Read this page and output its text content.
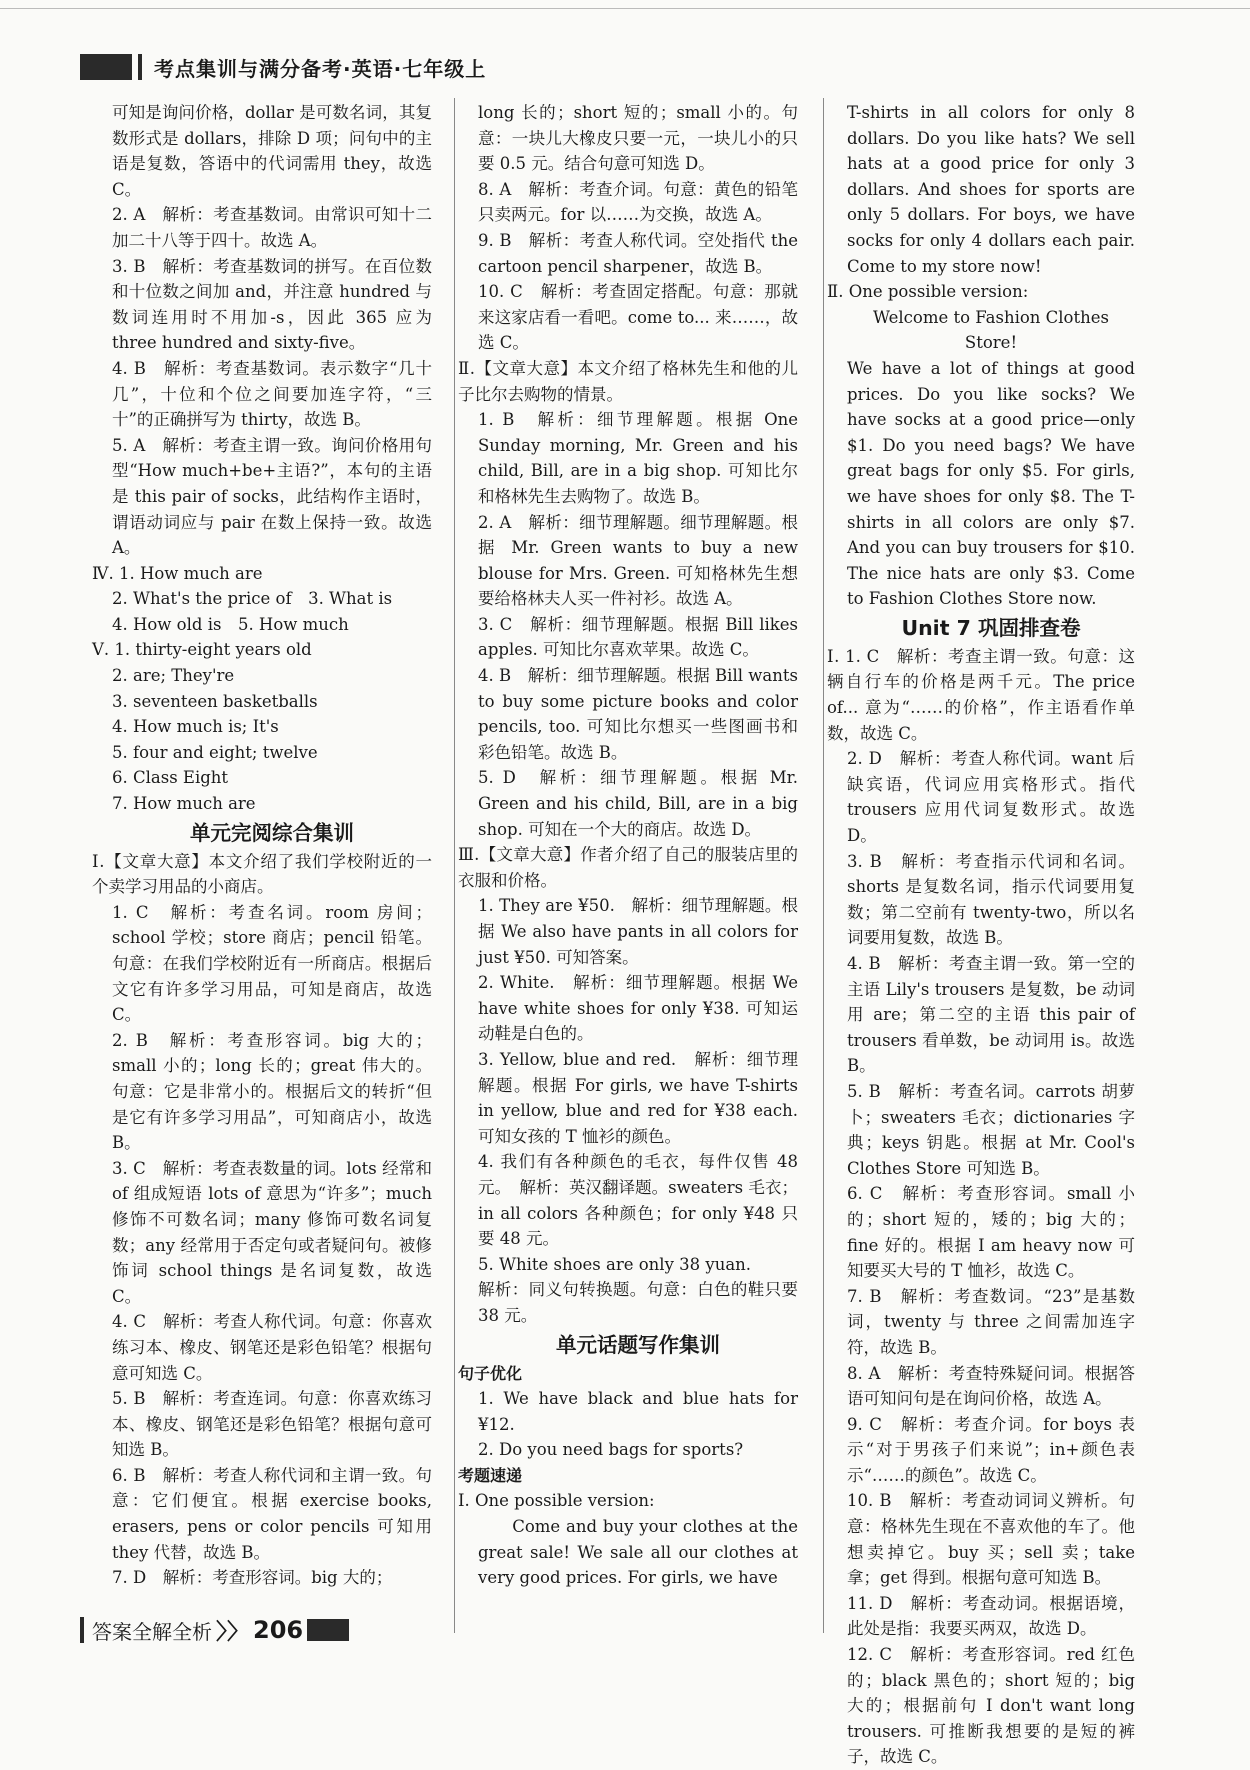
考点集训与满分备考·英语·七年级上

可知是询问价格，dollar 是可数名词，其复数形式是 dollars，排除 D 项；问句中的主语是复数，答语中的代词需用 they，故选 C。

2. A　解析：考查基数词。由常识可知十二加二十八等于四十。故选 A。

3. B　解析：考查基数词的拼写。在百位数和十位数之间加 and，并注意 hundred 与数词连用时不用加-s，因此 365 应为 three hundred and sixty-five。

4. B　解析：考查基数词。表示数字“几十几”，十位和个位之间要加连字符，“三十”的正确拼写为 thirty，故选 B。

5. A　解析：考查主谓一致。询问价格用句型“How much+be+主语?”，本句的主语是 this pair of socks，此结构作主语时，谓语动词应与 pair 在数上保持一致。故选 A。

Ⅳ. 1. How much are

2. What's the price of　3. What is

4. How old is　5. How much

Ⅴ. 1. thirty-eight years old

2. are; They're

3. seventeen basketballs

4. How much is; It's

5. four and eight; twelve

6. Class Eight

7. How much are

单元完阅综合集训

Ⅰ.【文章大意】本文介绍了我们学校附近的一个卖学习用品的小商店。

1. C　解析：考查名词。room 房间；school 学校；store 商店；pencil 铅笔。句意：在我们学校附近有一所商店。根据后文它有许多学习用品，可知是商店，故选 C。

2. B　解析：考查形容词。big 大的；small 小的；long 长的；great 伟大的。句意：它是非常小的。根据后文的转折“但是它有许多学习用品”，可知商店小，故选 B。

3. C　解析：考查表数量的词。lots 经常和 of 组成短语 lots of 意思为“许多”；much 修饰不可数名词；many 修饰可数名词复数；any 经常用于否定句或者疑问句。被修饰词 school things 是名词复数，故选 C。

4. C　解析：考查人称代词。句意：你喜欢练习本、橡皮、钢笔还是彩色铅笔？根据句意可知选 C。

5. B　解析：考查连词。句意：你喜欢练习本、橡皮、钢笔还是彩色铅笔？根据句意可知选 B。

6. B　解析：考查人称代词和主谓一致。句意：它们便宜。根据 exercise books, erasers, pens or color pencils 可知用 they 代替，故选 B。

7. D　解析：考查形容词。big 大的；

long 长的；short 短的；small 小的。句意：一块儿大橡皮只要一元，一块儿小的只要 0.5 元。结合句意可知选 D。

8. A　解析：考查介词。句意：黄色的铅笔只卖两元。for 以……为交换，故选 A。

9. B　解析：考查人称代词。空处指代 the cartoon pencil sharpener，故选 B。

10. C　解析：考查固定搭配。句意：那就来这家店看一看吧。come to... 来……，故选 C。

Ⅱ.【文章大意】本文介绍了格林先生和他的儿子比尔去购物的情景。

1. B　解析：细节理解题。根据 One Sunday morning, Mr. Green and his child, Bill, are in a big shop. 可知比尔和格林先生去购物了。故选 B。

2. A　解析：细节理解题。细节理解题。根据 Mr. Green wants to buy a new blouse for Mrs. Green. 可知格林先生想要给格林夫人买一件衬衫。故选 A。

3. C　解析：细节理解题。根据 Bill likes apples. 可知比尔喜欢苹果。故选 C。

4. B　解析：细节理解题。根据 Bill wants to buy some picture books and color pencils, too. 可知比尔想买一些图画书和彩色铅笔。故选 B。

5. D　解析：细节理解题。根据 Mr. Green and his child, Bill, are in a big shop. 可知在一个大的商店。故选 D。

Ⅲ.【文章大意】作者介绍了自己的服装店里的衣服和价格。

1. They are ¥50.　解析：细节理解题。根据 We also have pants in all colors for just ¥50. 可知答案。

2. White.　解析：细节理解题。根据 We have white shoes for only ¥38. 可知运动鞋是白色的。

3. Yellow, blue and red.　解析：细节理解题。根据 For girls, we have T-shirts in yellow, blue and red for ¥38 each. 可知女孩的 T 恤衫的颜色。

4. 我们有各种颜色的毛衣，每件仅售 48 元。　解析：英汉翻译题。sweaters 毛衣；in all colors 各种颜色；for only ¥48 只要 48 元。

5. White shoes are only 38 yuan.

解析：同义句转换题。句意：白色的鞋只要 38 元。

单元话题写作集训

句子优化

1. We have black and blue hats for ¥12.

2. Do you need bags for sports?

考题速递

Ⅰ. One possible version:

　　Come and buy your clothes at the great sale! We sale all our clothes at very good prices. For girls, we have

T-shirts in all colors for only 8 dollars. Do you like hats? We sell hats at a good price for only 3 dollars. And shoes for sports are only 5 dollars. For boys, we have socks for only 4 dollars each pair. Come to my store now!

Ⅱ. One possible version:

Welcome to Fashion Clothes Store!

We have a lot of things at good prices. Do you like socks? We have socks at a good price—only $1. Do you need bags? We have great bags for only $5. For girls, we have shoes for only $8. The T-shirts in all colors are only $7. And you can buy trousers for $10. The nice hats are only $3. Come to Fashion Clothes Store now.

Unit 7 巩固排查卷

Ⅰ. 1. C　解析：考查主谓一致。句意：这辆自行车的价格是两千元。The price of... 意为“……的价格”，作主语看作单数，故选 C。

2. D　解析：考查人称代词。want 后缺宾语，代词应用宾格形式。指代 trousers 应用代词复数形式。故选 D。

3. B　解析：考查指示代词和名词。shorts 是复数名词，指示代词要用复数；第二空前有 twenty-two，所以名词要用复数，故选 B。

4. B　解析：考查主谓一致。第一空的主语 Lily's trousers 是复数，be 动词用 are；第二空的主语 this pair of trousers 看单数，be 动词用 is。故选 B。

5. B　解析：考查名词。carrots 胡萝卜；sweaters 毛衣；dictionaries 字典；keys 钥匙。根据 at Mr. Cool's Clothes Store 可知选 B。

6. C　解析：考查形容词。small 小的；short 短的，矮的；big 大的；fine 好的。根据 I am heavy now 可知要买大号的 T 恤衫，故选 C。

7. B　解析：考查数词。“23”是基数词，twenty 与 three 之间需加连字符，故选 B。

8. A　解析：考查特殊疑问词。根据答语可知问句是在询问价格，故选 A。

9. C　解析：考查介词。for boys 表示“对于男孩子们来说”；in+颜色表示“……的颜色”。故选 C。

10. B　解析：考查动词词义辨析。句意：格林先生现在不喜欢他的车了。他想卖掉它。buy 买；sell 卖；take 拿；get 得到。根据句意可知选 B。

11. D　解析：考查动词。根据语境，此处是指：我要买两双，故选 D。

12. C　解析：考查形容词。red 红色的；black 黑色的；short 短的；big 大的；根据前句 I don't want long trousers. 可推断我想要的是短的裤子，故选 C。

答案全解全析 〉〉 206
